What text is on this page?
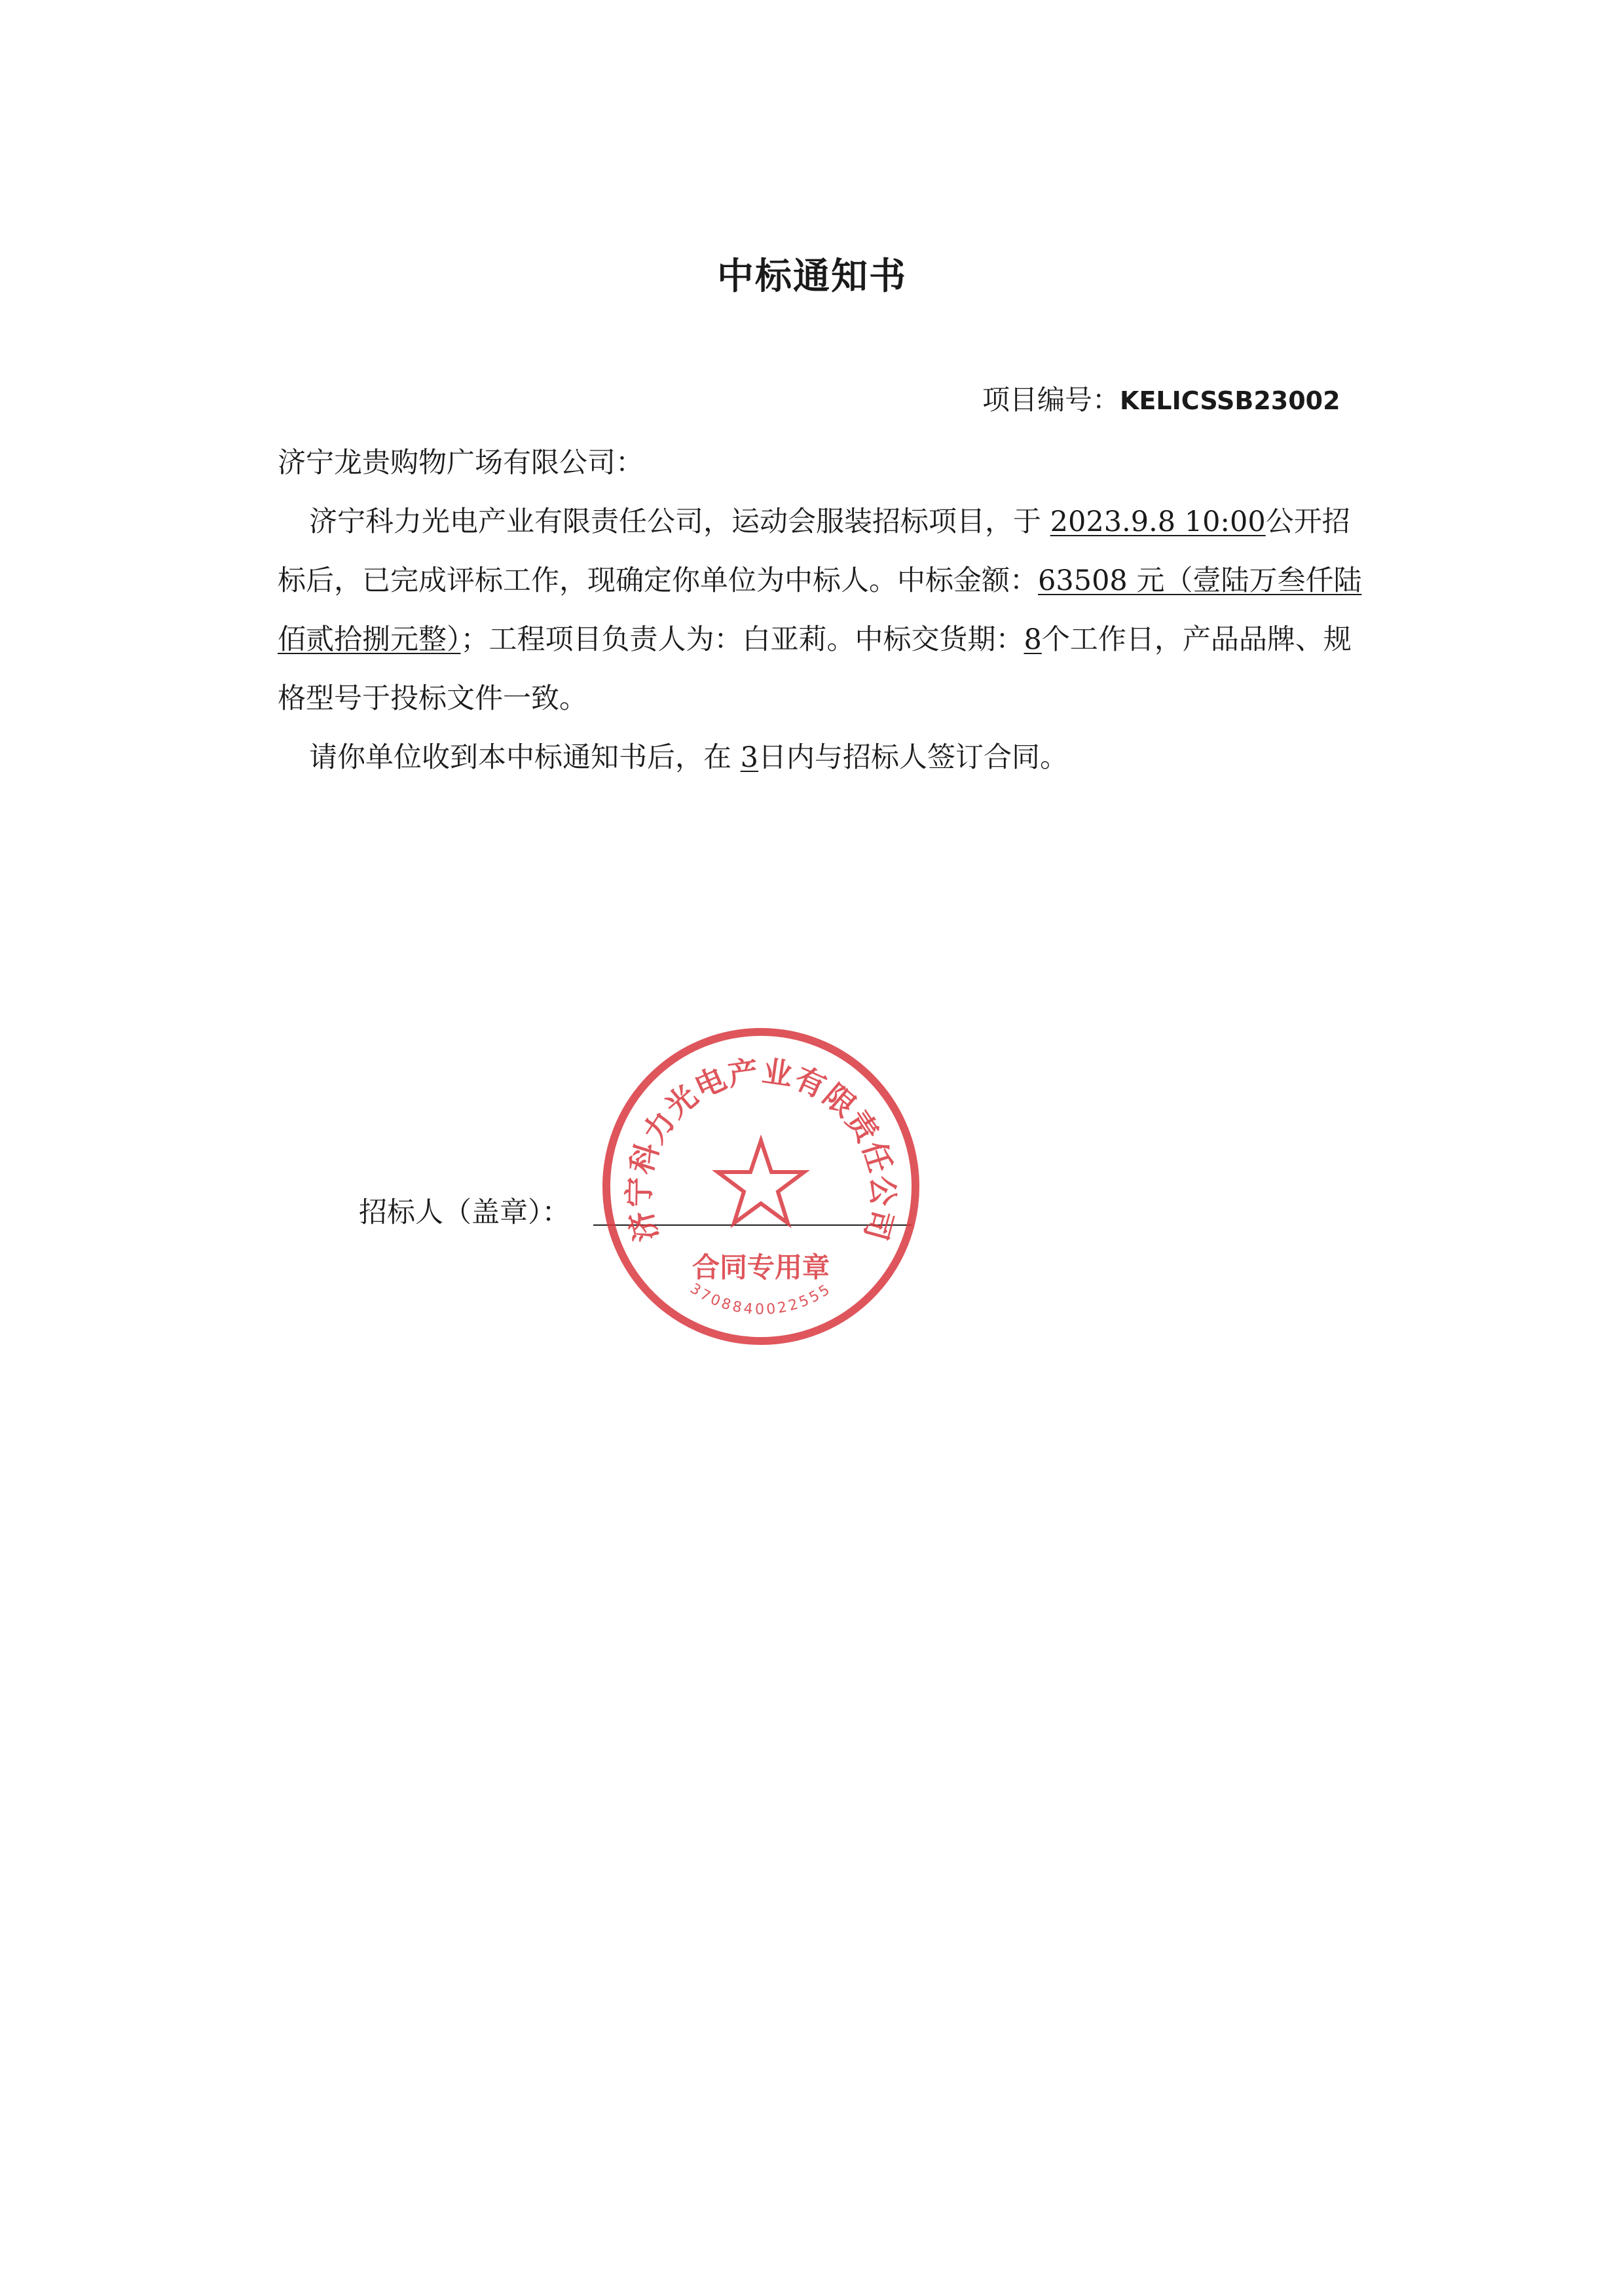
中标通知书
项目编号：KELICSSB23002

济宁龙贵购物广场有限公司：

济宁科力光电产业有限责任公司，运动会服装招标项目，于 2023.9.8 10:00公开招标后，已完成评标工作，现确定你单位为中标人。中标金额：63508 元（壹陆万叁仟陆佰贰拾捌元整）；工程项目负责人为：白亚莉。中标交货期：8个工作日，产品品牌、规格型号于投标文件一致。

请你单位收到本中标通知书后，在 3日内与招标人签订合同。

招标人（盖章）： 济宁科力光电产业有限责任公司
合同专用章
3708840022555
